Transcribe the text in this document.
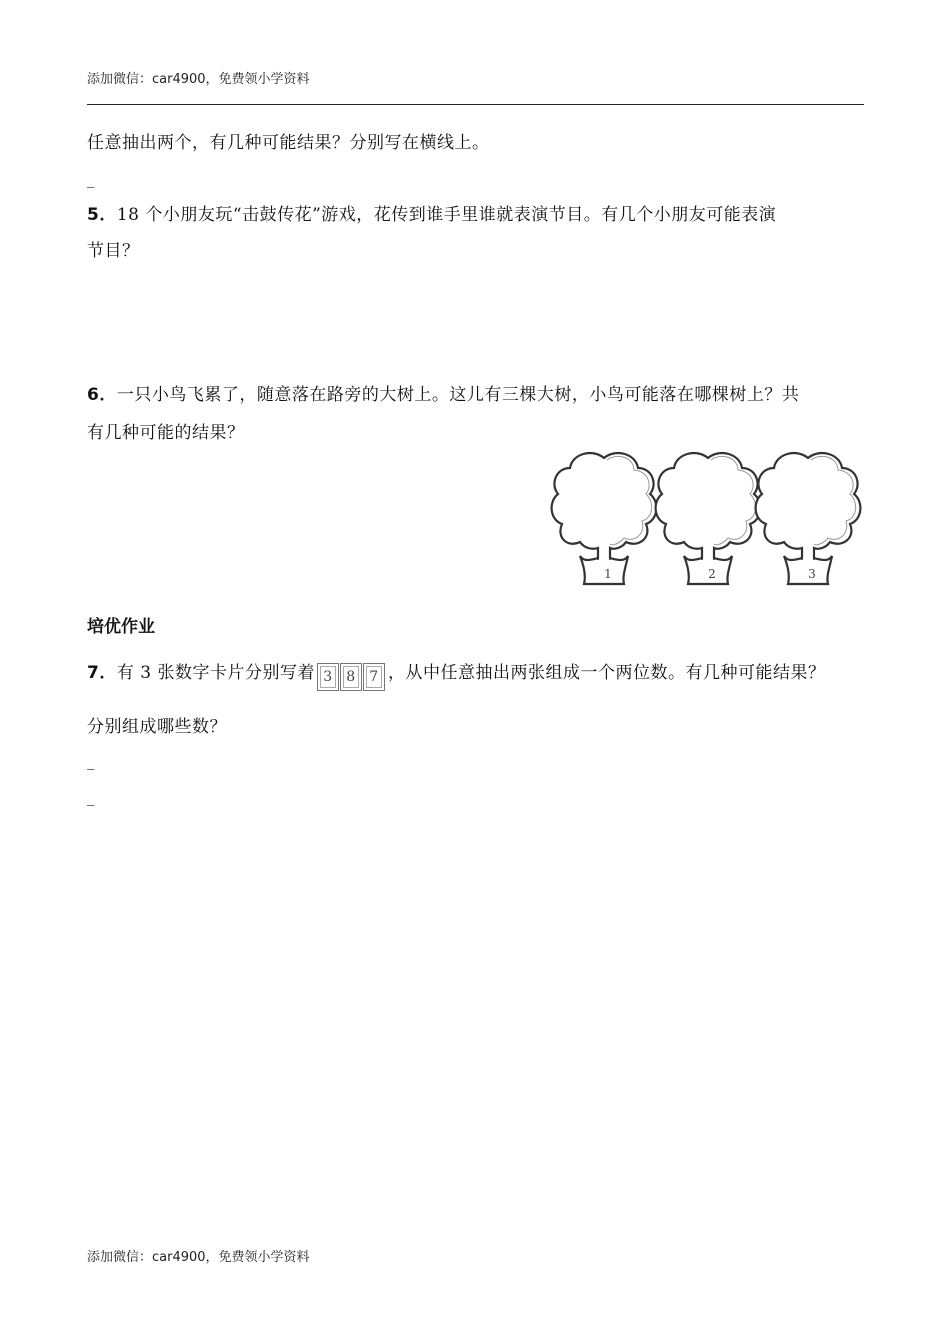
添加微信：car4900，免费领小学资料
任意抽出两个，有几种可能结果？分别写在横线上。
_
5．18 个小朋友玩“击鼓传花”游戏，花传到谁手里谁就表演节目。有几个小朋友可能表演
节目？
6．一只小鸟飞累了，随意落在路旁的大树上。这儿有三棵大树，小鸟可能落在哪棵树上？共
有几种可能的结果？
1	2	3
培优作业
7．有 3 张数字卡片分别写着 3 8 7 ，从中任意抽出两张组成一个两位数。有几种可能结果？
分别组成哪些数？
_
_
添加微信：car4900，免费领小学资料
